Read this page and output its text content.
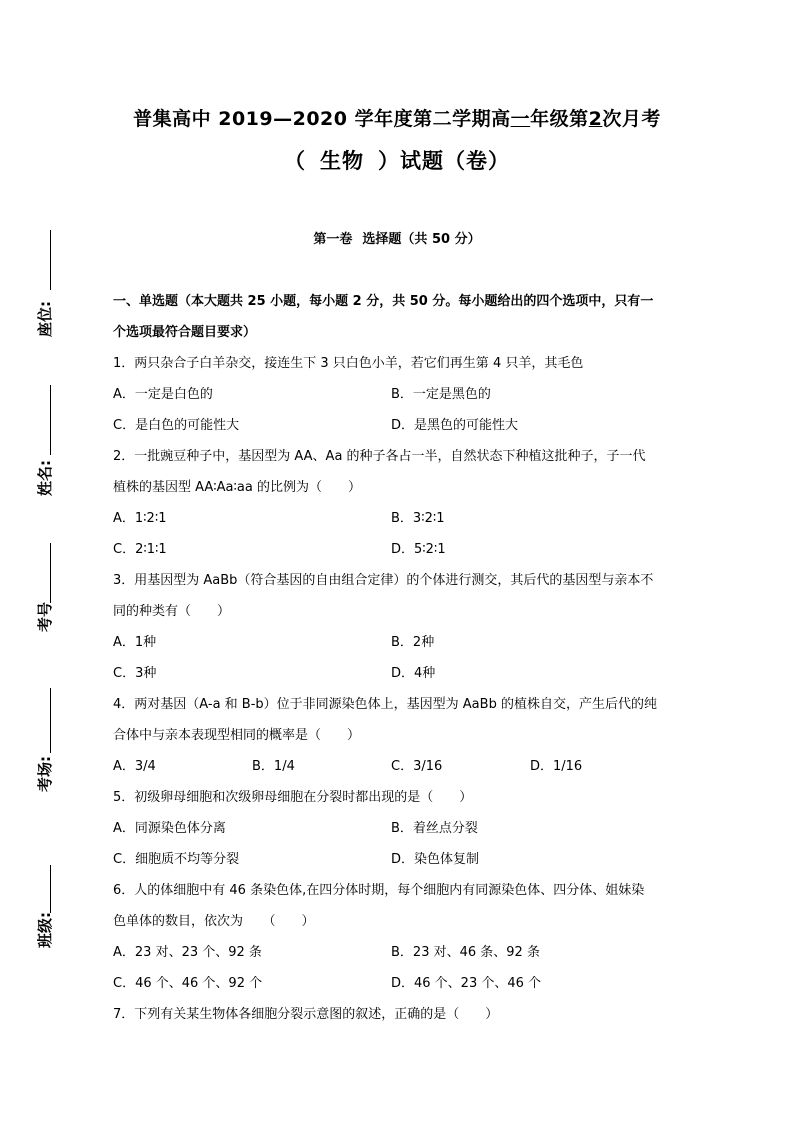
普集高中 2019—2020 学年度第二学期高一年级第2次月考
（ 生物 ）试题（卷）
第一卷 选择题（共 50 分）
座位:
姓名:
考号
考场:
班级:
一、单选题（本大题共 25 小题，每小题 2 分，共 50 分。每小题给出的四个选项中，只有一
个选项最符合题目要求）
1．两只杂合子白羊杂交，接连生下 3 只白色小羊，若它们再生第 4 只羊，其毛色
A．一定是白色的	B．一定是黑色的
C．是白色的可能性大	D．是黑色的可能性大
2．一批豌豆种子中，基因型为 AA、Aa 的种子各占一半，自然状态下种植这批种子，子一代
植株的基因型 AA∶Aa∶aa 的比例为（　　）
A．1∶2∶1	B．3∶2∶1
C．2∶1∶1	D．5∶2∶1
3．用基因型为 AaBb（符合基因的自由组合定律）的个体进行测交，其后代的基因型与亲本不
同的种类有（　　）
A．1种	B．2种
C．3种	D．4种
4．两对基因（A-a 和 B-b）位于非同源染色体上，基因型为 AaBb 的植株自交，产生后代的纯
合体中与亲本表现型相同的概率是（　　）
A．3/4	B．1/4	C．3/16	D．1/16
5．初级卵母细胞和次级卵母细胞在分裂时都出现的是（　　）
A．同源染色体分离	B．着丝点分裂
C．细胞质不均等分裂	D．染色体复制
6．人的体细胞中有 46 条染色体,在四分体时期，每个细胞内有同源染色体、四分体、姐妹染
色单体的数目，依次为　　（　　）
A．23 对、23 个、92 条	B．23 对、46 条、92 条
C．46 个、46 个、92 个	D．46 个、23 个、46 个
7．下列有关某生物体各细胞分裂示意图的叙述，正确的是（　　）
